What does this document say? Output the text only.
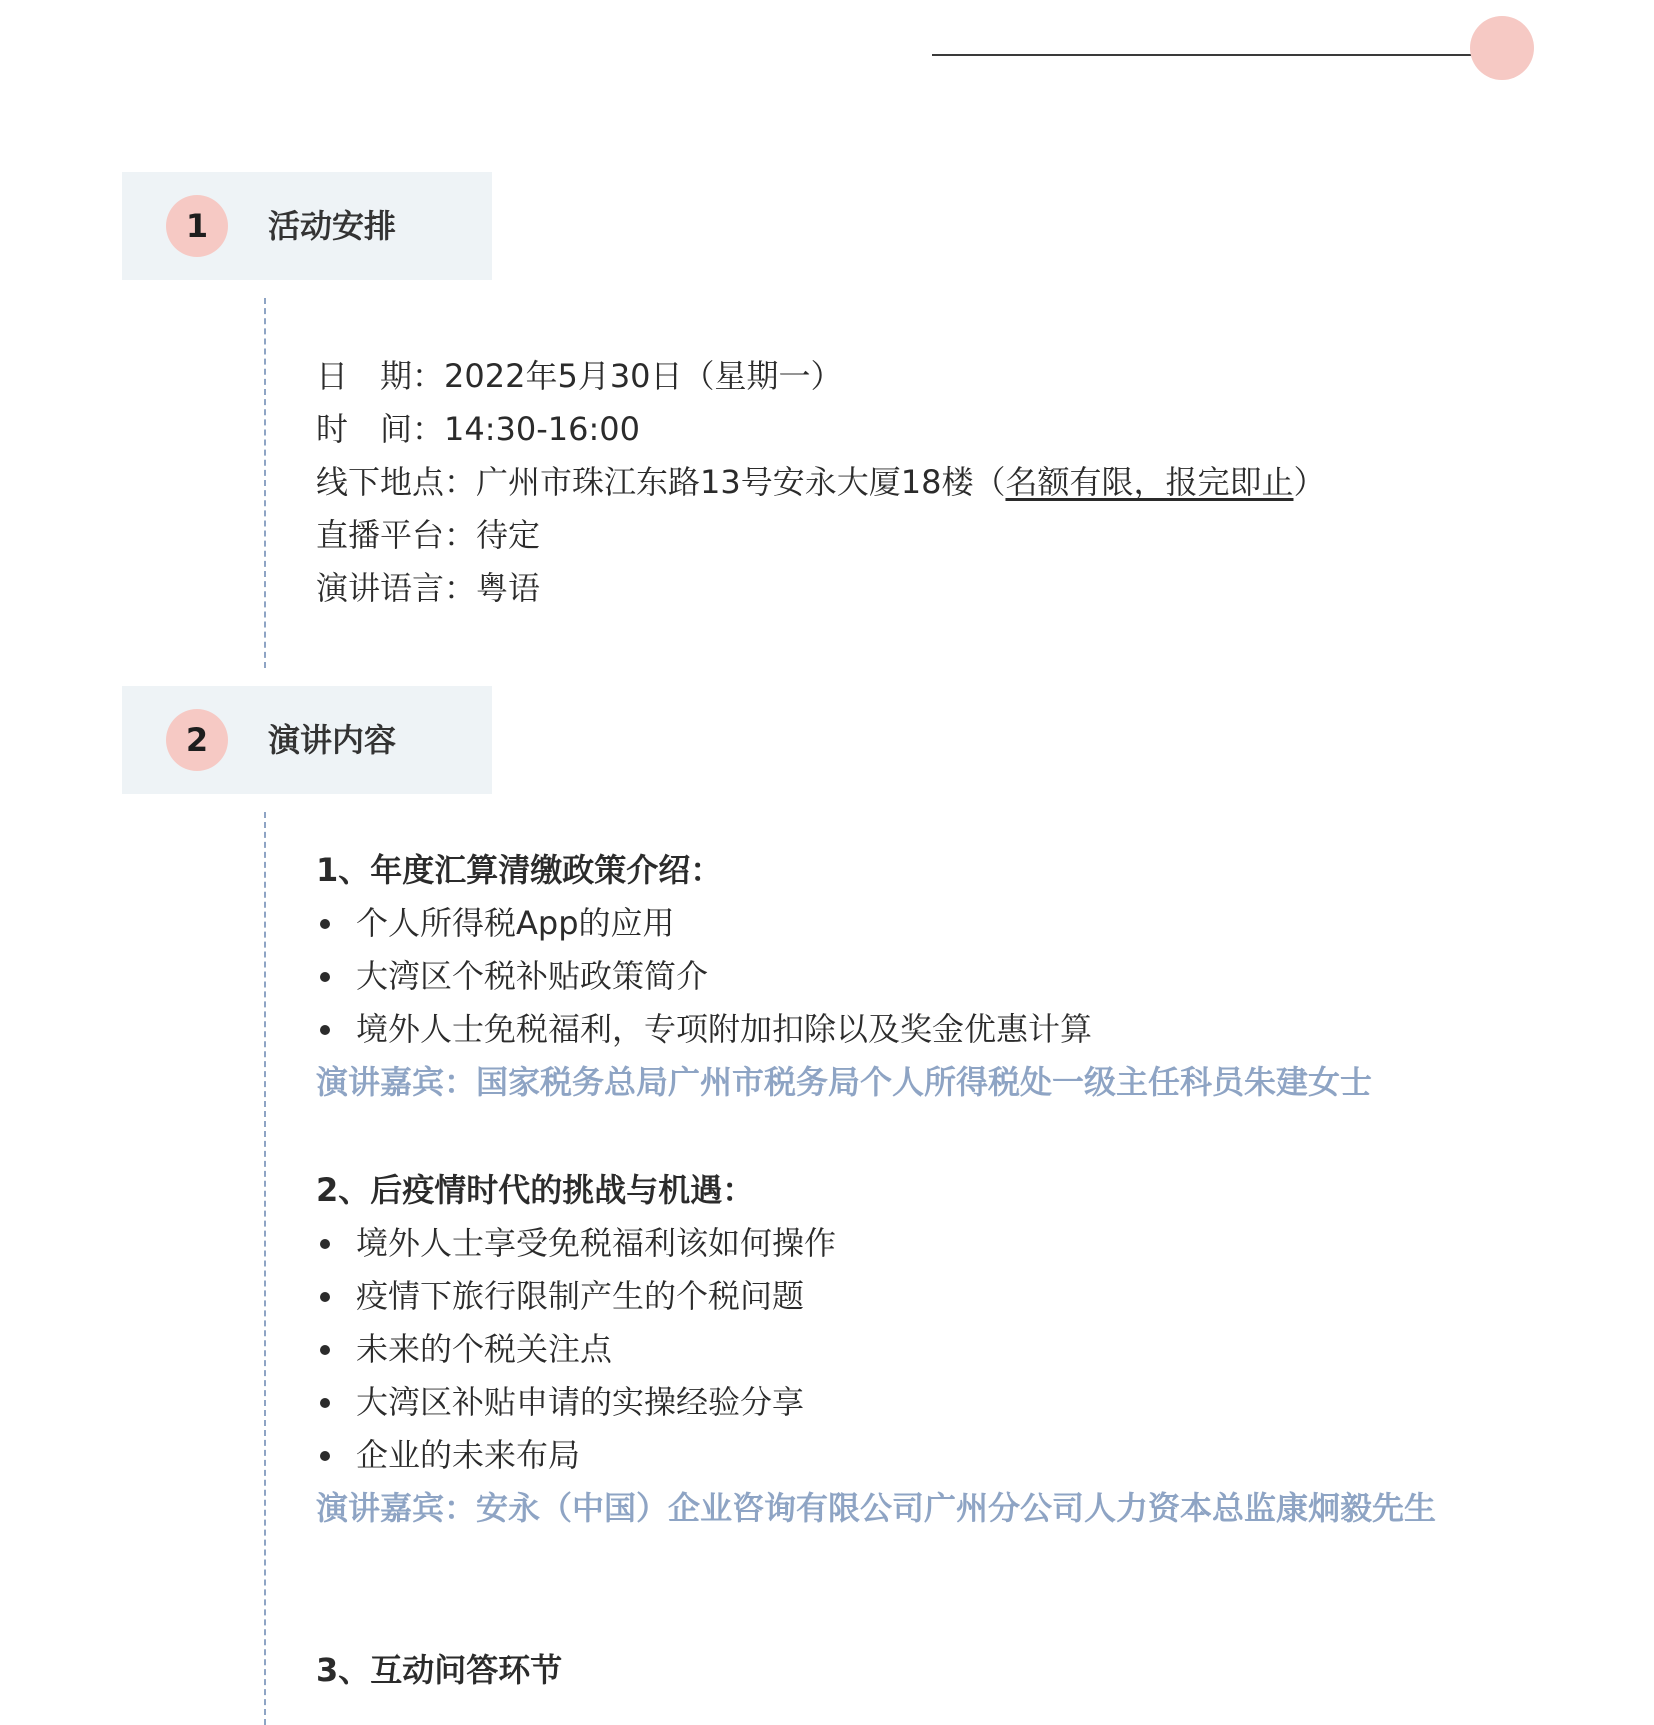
1	活动安排
日　期：2022年5月30日（星期一）
时　间：14:30-16:00
线下地点：广州市珠江东路13号安永大厦18楼（名额有限，报完即止）
直播平台：待定
演讲语言：粤语
2	演讲内容
1、年度汇算清缴政策介绍：
个人所得税App的应用
大湾区个税补贴政策简介
境外人士免税福利，专项附加扣除以及奖金优惠计算
演讲嘉宾：国家税务总局广州市税务局个人所得税处一级主任科员朱建女士
2、后疫情时代的挑战与机遇：
境外人士享受免税福利该如何操作
疫情下旅行限制产生的个税问题
未来的个税关注点
大湾区补贴申请的实操经验分享
企业的未来布局
演讲嘉宾：安永（中国）企业咨询有限公司广州分公司人力资本总监康炯毅先生
3、互动问答环节
